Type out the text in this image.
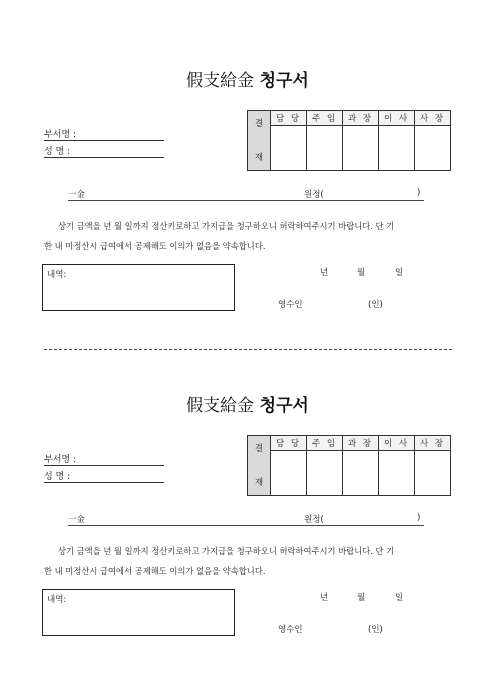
假支給金 청구서
결

재	담 당	주 임	과 장	이 사	사 장

부서명 :
성 명 :
一金	원정(	)
상기 금액을 년 월 일까지 정산키로하고 가지급을 청구하오니 허락하여주시기 바랍니다. 단 기
한 내 미정산시 급여에서 공제해도 이의가 없음을 약속합니다.
내역:	년	월	일
영수인	(인)
假支給金 청구서
결

재	담 당	주 임	과 장	이 사	사 장

부서명 :
성 명 :
一金	원정(	)
상기 금액을 년 월 일까지 정산키로하고 가지급을 청구하오니 허락하여주시기 바랍니다. 단 기
한 내 미정산시 급여에서 공제해도 이의가 없음을 약속합니다.
내역:	년	월	일
영수인	(인)
